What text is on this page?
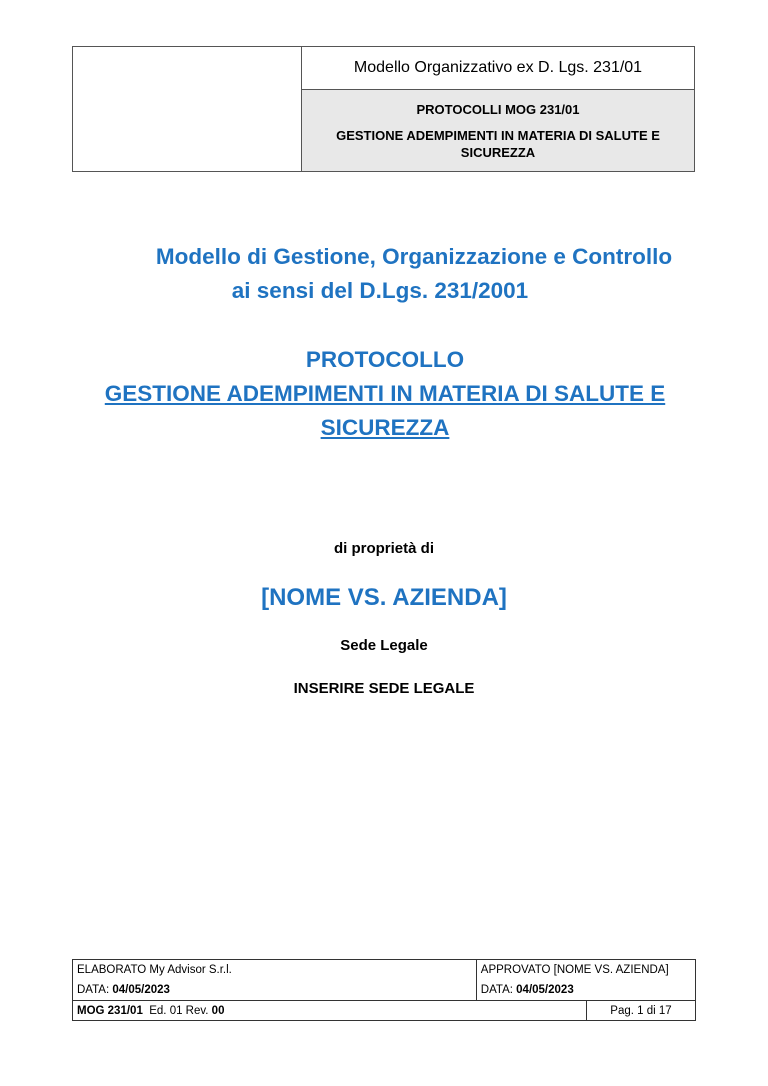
	Modello Organizzativo ex D. Lgs. 231/01

PROTOCOLLI MOG 231/01
GESTIONE ADEMPIMENTI IN MATERIA DI SALUTE E SICUREZZA
Modello di Gestione, Organizzazione e Controllo
ai sensi del D.Lgs. 231/2001
PROTOCOLLO
GESTIONE ADEMPIMENTI IN MATERIA DI SALUTE E
SICUREZZA
di proprietà di
[NOME VS. AZIENDA]
Sede Legale
INSERIRE SEDE LEGALE
ELABORATO My Advisor S.r.l.	APPROVATO [NOME VS. AZIENDA]	
DATA: 04/05/2023	DATA: 04/05/2023	
MOG 231/01  Ed. 01 Rev. 00		Pag. 1 di 17
